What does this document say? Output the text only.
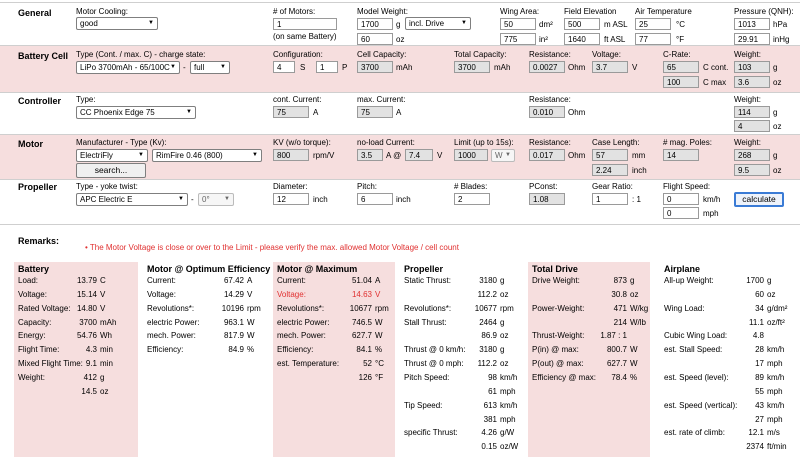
General
Battery Cell
Controller
Motor
Propeller
Motor Cooling:
good	▼
# of Motors:
1
(on same Battery)
Model Weight:
1700	g	incl. Drive	▼
60	oz
Wing Area:
50	dm²
775	in²
Field Elevation
500	m ASL
1640	ft ASL
Air Temperature
25	°C
77	°F
Pressure (QNH):
1013	hPa
29.91	inHg
Type (Cont. / max. C) - charge state:
LiPo 3700mAh - 65/100C ▼ -	full	▼
Configuration:
4	S	1	P
Cell Capacity:
3700	mAh
Total Capacity:
3700	mAh
Resistance:
0.0027	Ohm
Voltage:
3.7	V
C-Rate:
65	C cont.
100	C max
Weight:
103	g
3.6	oz
Type:
CC Phoenix Edge 75	▼
cont. Current:
75	A
max. Current:
75	A
Resistance:
0.010	Ohm
Weight:
114	g
4	oz
Manufacturer - Type (Kv):
ElectriFly	▼	RimFire 0.46 (800)	▼
search...
KV (w/o torque):
800	rpm/V
no-load Current:
3.5	A @ 7.4	V
Limit (up to 15s):
1000	W ▼
Resistance:
0.017	Ohm
Case Length:
57	mm
2.24	inch
# mag. Poles:
14
Weight:
268	g
9.5	oz
Type - yoke twist:
APC Electric E	▼ -	0° ▼
Diameter:
12	inch
Pitch:
6	inch
# Blades:
2
PConst:
1.08
Gear Ratio:
1	: 1
Flight Speed:
0	km/h
0	mph
calculate
Remarks:
• The Motor Voltage is close or over to the Limit - please verify the max. allowed Motor Voltage / cell count
Battery
Load:	13.79 C
Voltage:	15.14 V
Rated Voltage: 14.80 V
Capacity:	3700 mAh
Energy:	54.76 Wh
Flight Time:	4.3 min
Mixed Flight Time: 9.1 min
Weight:	412 g
14.5 oz
Motor @ Optimum Efficiency
Current:	67.42 A
Voltage:	14.29 V
Revolutions*:	10196 rpm
electric Power:	963.1 W
mech. Power:	817.9 W
Efficiency:	84.9 %
Motor @ Maximum
Current:	51.04 A
Voltage:	14.63 V
Revolutions*:	10677 rpm
electric Power:	746.5 W
mech. Power:	627.7 W
Efficiency:	84.1 %
est. Temperature:	52 °C
126 °F
Propeller
Static Thrust:	3180 g
112.2 oz
Revolutions*:	10677 rpm
Stall Thrust:	2464 g
86.9 oz
Thrust @ 0 km/h: 3180 g
Thrust @ 0 mph: 112.2 oz
Pitch Speed:	98 km/h
61 mph
Tip Speed:	613 km/h
381 mph
specific Thrust:	4.26 g/W
0.15 oz/W
Total Drive
Drive Weight:	873 g
30.8 oz
Power-Weight:	471 W/kg
214 W/lb
Thrust-Weight: 1.87 : 1
P(in) @ max:	800.7 W
P(out) @ max:	627.7 W
Efficiency @ max: 78.4 %
Airplane
All-up Weight:	1700 g
60 oz
Wing Load:	34 g/dm²
11.1 oz/ft²
Cubic Wing Load:	4.8
est. Stall Speed:	28 km/h
17 mph
est. Speed (level):	89 km/h
55 mph
est. Speed (vertical): 43 km/h
27 mph
est. rate of climb:	12.1 m/s
2374 ft/min
